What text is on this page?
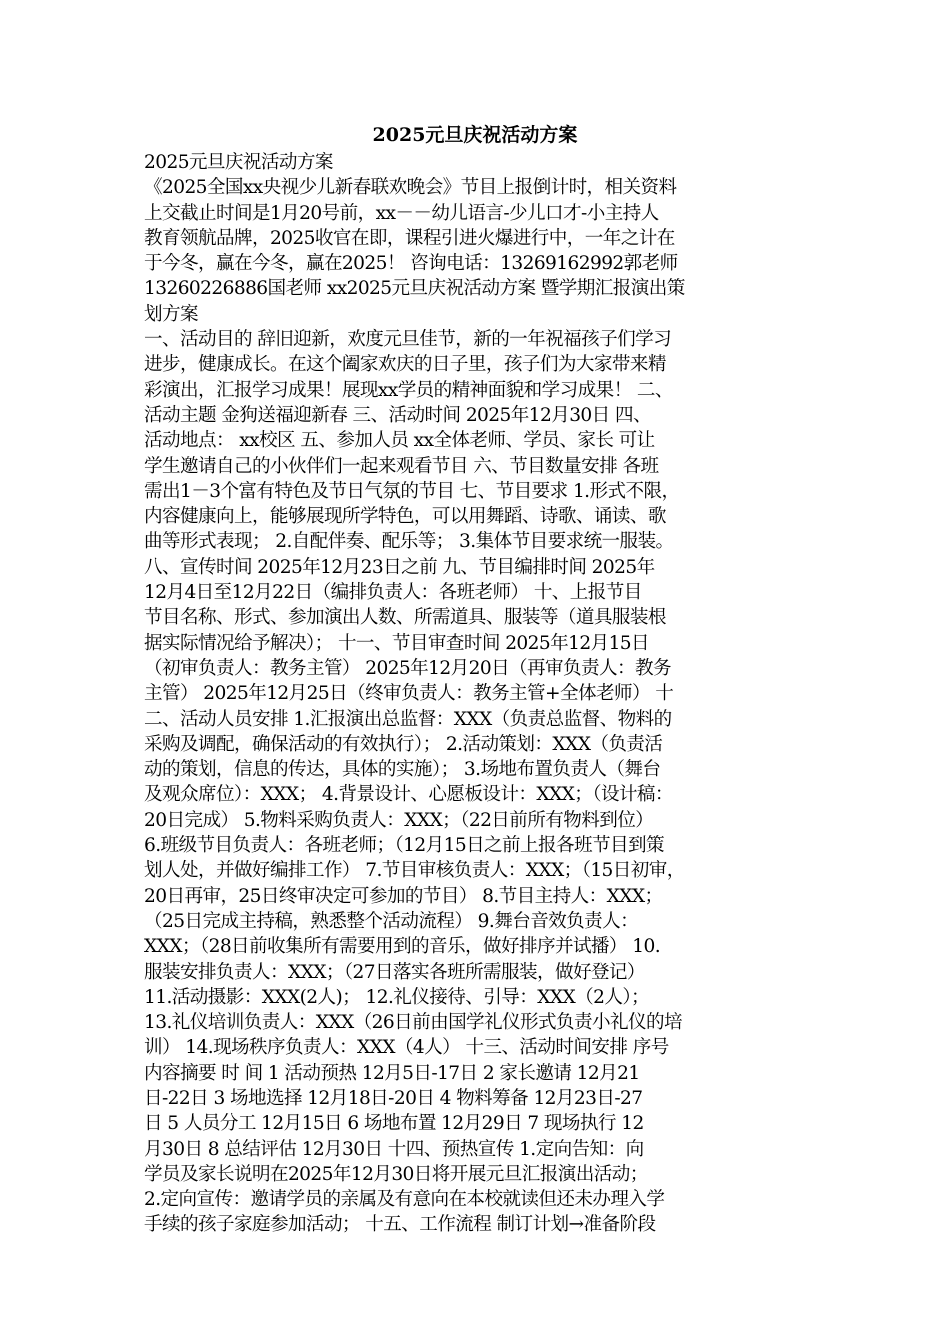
2025元旦庆祝活动方案

2025元旦庆祝活动方案

《2025全国xx央视少儿新春联欢晚会》节目上报倒计时，相关资料

上交截止时间是1月20号前，xx－－幼儿语言-少儿口才-小主持人

教育领航品牌，2025收官在即，课程引进火爆进行中，一年之计在

于今冬，赢在今冬，赢在2025！ 咨询电话：13269162992郭老师

13260226886国老师 xx2025元旦庆祝活动方案 暨学期汇报演出策

划方案

一、活动目的 辞旧迎新，欢度元旦佳节，新的一年祝福孩子们学习

进步，健康成长。在这个阖家欢庆的日子里，孩子们为大家带来精

彩演出，汇报学习成果！展现xx学员的精神面貌和学习成果！ 二、

活动主题 金狗送福迎新春 三、活动时间 2025年12月30日 四、

活动地点： xx校区 五、参加人员 xx全体老师、学员、家长 可让

学生邀请自己的小伙伴们一起来观看节目 六、节目数量安排 各班

需出1－3个富有特色及节日气氛的节目 七、节目要求 1.形式不限，

内容健康向上，能够展现所学特色，可以用舞蹈、诗歌、诵读、歌

曲等形式表现； 2.自配伴奏、配乐等； 3.集体节目要求统一服装。

八、宣传时间 2025年12月23日之前 九、节目编排时间 2025年

12月4日至12月22日（编排负责人：各班老师） 十、上报节目

节目名称、形式、参加演出人数、所需道具、服装等（道具服装根

据实际情况给予解决）； 十一、节目审查时间 2025年12月15日

（初审负责人：教务主管） 2025年12月20日（再审负责人：教务

主管） 2025年12月25日（终审负责人：教务主管+全体老师） 十

二、活动人员安排 1.汇报演出总监督：XXX（负责总监督、物料的

采购及调配，确保活动的有效执行）； 2.活动策划：XXX（负责活

动的策划，信息的传达，具体的实施）； 3.场地布置负责人（舞台

及观众席位）：XXX； 4.背景设计、心愿板设计：XXX；（设计稿：

20日完成） 5.物料采购负责人：XXX；（22日前所有物料到位）

6.班级节目负责人：各班老师；（12月15日之前上报各班节目到策

划人处，并做好编排工作） 7.节目审核负责人：XXX；（15日初审，

20日再审，25日终审决定可参加的节目） 8.节目主持人：XXX；

（25日完成主持稿，熟悉整个活动流程） 9.舞台音效负责人：

XXX；（28日前收集所有需要用到的音乐，做好排序并试播） 10.

服装安排负责人：XXX；（27日落实各班所需服装，做好登记）

11.活动摄影：XXX(2人)； 12.礼仪接待、引导：XXX（2人）；

13.礼仪培训负责人：XXX（26日前由国学礼仪形式负责小礼仪的培

训） 14.现场秩序负责人：XXX（4人） 十三、活动时间安排 序号

内容摘要 时 间 1 活动预热 12月5日-17日 2 家长邀请 12月21

日-22日 3 场地选择 12月18日-20日 4 物料筹备 12月23日-27

日 5 人员分工 12月15日 6 场地布置 12月29日 7 现场执行 12

月30日 8 总结评估 12月30日 十四、预热宣传 1.定向告知：向

学员及家长说明在2025年12月30日将开展元旦汇报演出活动；

2.定向宣传：邀请学员的亲属及有意向在本校就读但还未办理入学

手续的孩子家庭参加活动； 十五、工作流程 制订计划→准备阶段
